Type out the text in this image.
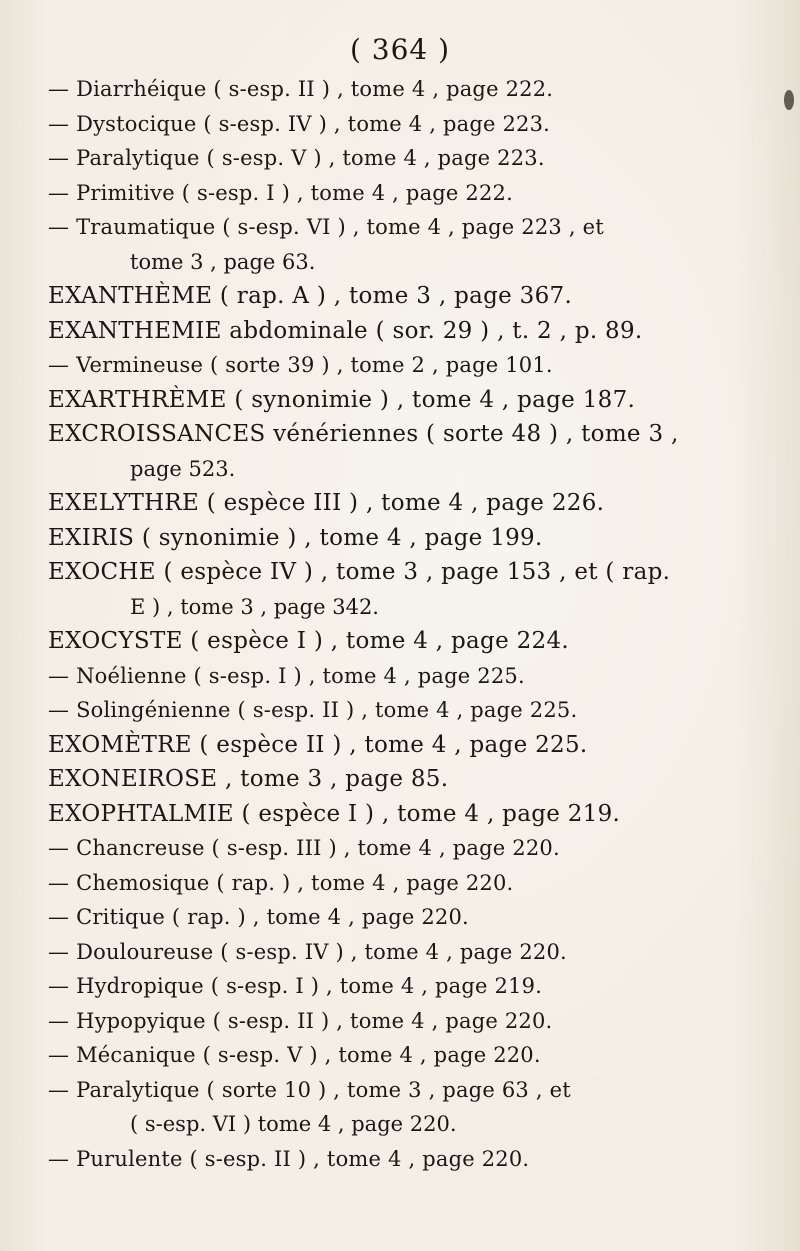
( 364 )
— Diarrhéique ( s-esp. II ) , tome 4 , page 222.
— Dystocique ( s-esp. IV ) , tome 4 , page 223.
— Paralytique ( s-esp. V ) , tome 4 , page 223.
— Primitive ( s-esp. I ) , tome 4 , page 222.
— Traumatique ( s-esp. VI ) , tome 4 , page 223 , et
tome 3 , page 63.
EXANTHÈME ( rap. A ) , tome 3 , page 367.
EXANTHEMIE abdominale ( sor. 29 ) , t. 2 , p. 89.
— Vermineuse ( sorte 39 ) , tome 2 , page 101.
EXARTHRÈME ( synonimie ) , tome 4 , page 187.
EXCROISSANCES vénériennes ( sorte 48 ) , tome 3 ,
page 523.
EXELYTHRE ( espèce III ) , tome 4 , page 226.
EXIRIS ( synonimie ) , tome 4 , page 199.
EXOCHE ( espèce IV ) , tome 3 , page 153 , et ( rap.
E ) , tome 3 , page 342.
EXOCYSTE ( espèce I ) , tome 4 , page 224.
— Noélienne ( s-esp. I ) , tome 4 , page 225.
— Solingénienne ( s-esp. II ) , tome 4 , page 225.
EXOMÈTRE ( espèce II ) , tome 4 , page 225.
EXONEIROSE , tome 3 , page 85.
EXOPHTALMIE ( espèce I ) , tome 4 , page 219.
— Chancreuse ( s-esp. III ) , tome 4 , page 220.
— Chemosique ( rap. ) , tome 4 , page 220.
— Critique ( rap. ) , tome 4 , page 220.
— Douloureuse ( s-esp. IV ) , tome 4 , page 220.
— Hydropique ( s-esp. I ) , tome 4 , page 219.
— Hypopyique ( s-esp. II ) , tome 4 , page 220.
— Mécanique ( s-esp. V ) , tome 4 , page 220.
— Paralytique ( sorte 10 ) , tome 3 , page 63 , et
( s-esp. VI ) tome 4 , page 220.
— Purulente ( s-esp. II ) , tome 4 , page 220.
